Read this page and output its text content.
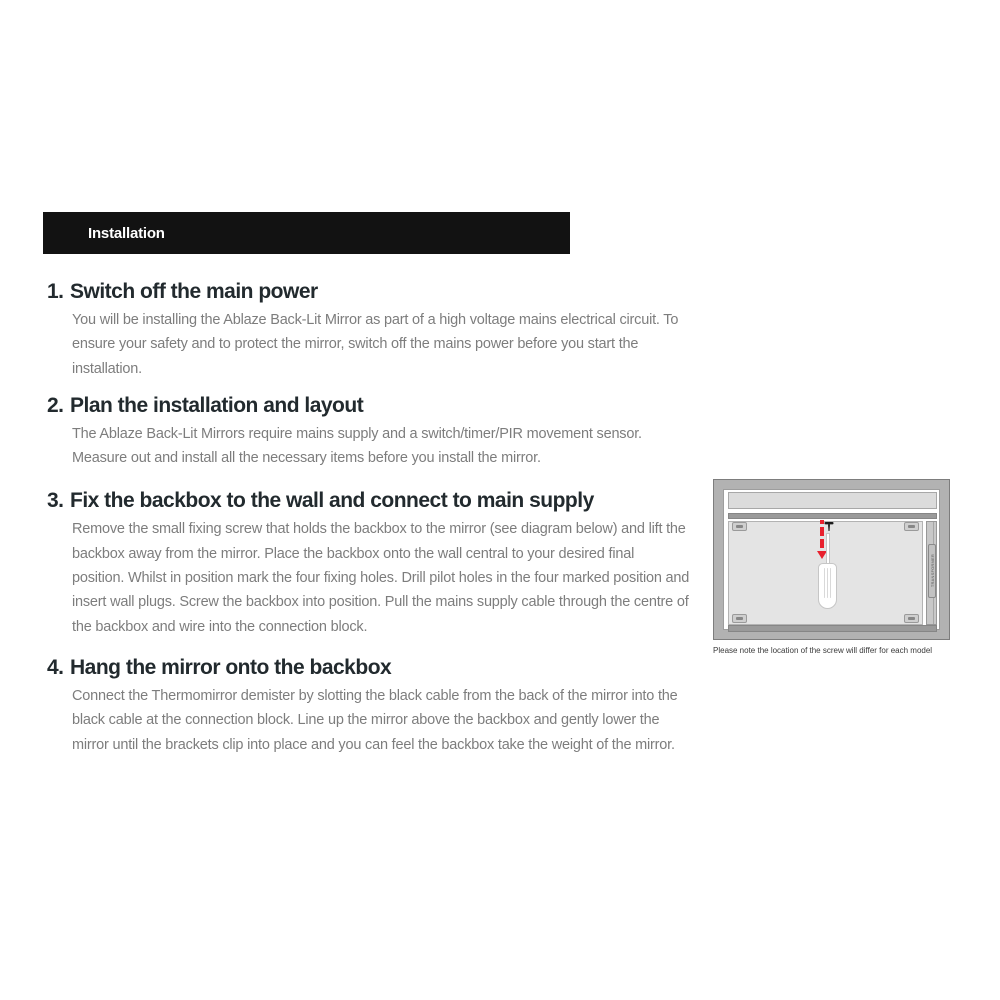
Installation
1. Switch off the main power

You will be installing the Ablaze Back-Lit Mirror as part of a high voltage mains electrical circuit. To ensure your safety and to protect the mirror, switch off the mains power before you start the installation.

2. Plan the installation and layout

The Ablaze Back-Lit Mirrors require mains supply and a switch/timer/PIR movement sensor. Measure out and install all the necessary items before you install the mirror.

3. Fix the backbox to the wall and connect to main supply

Remove the small fixing screw that holds the backbox to the mirror (see diagram below) and lift the backbox away from the mirror. Place the backbox onto the wall central to your desired final position. Whilst in position mark the four fixing holes. Drill pilot holes in the four marked position and insert wall plugs. Screw the backbox into position. Pull the mains supply cable through the centre of the backbox and wire into the connection block.

4. Hang the mirror onto the backbox

Connect the Thermomirror demister by slotting the black cable from the back of the mirror into the black cable at the connection block. Line up the mirror above the backbox and gently lower the mirror until the brackets clip into place and you can feel the backbox take the weight of the mirror.

TRANSFORMER
Please note the location of the screw will differ for each model
